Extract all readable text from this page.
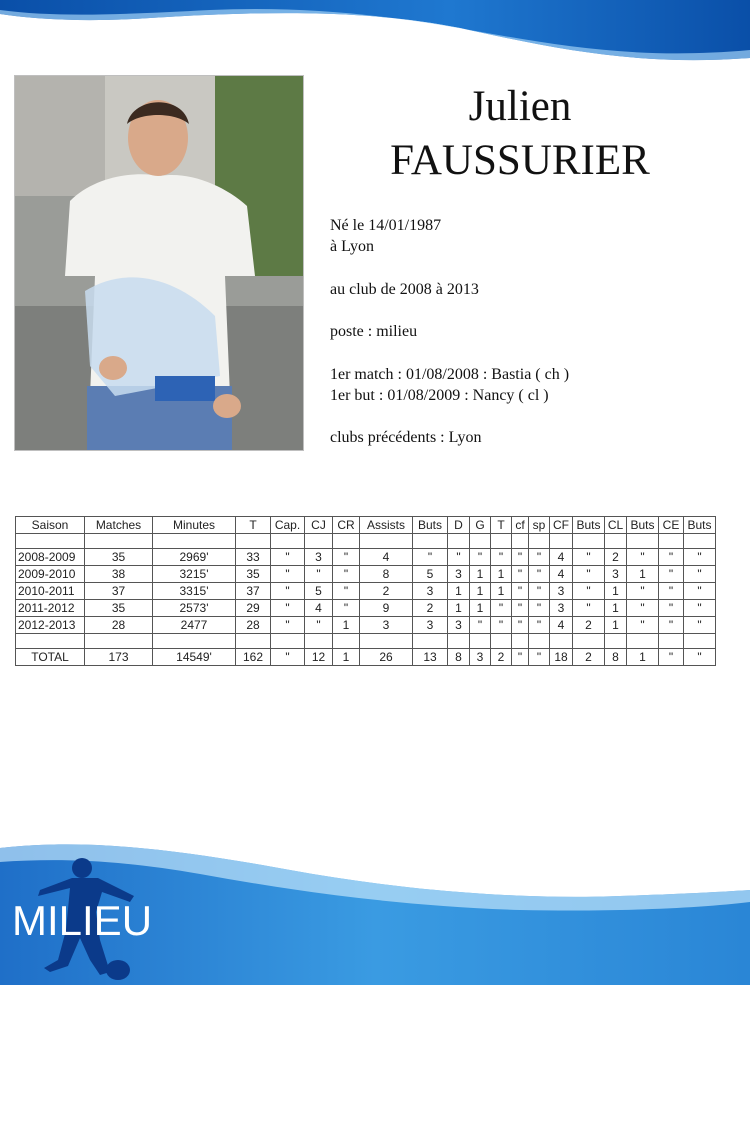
Julien
FAUSSURIER
Né le 14/01/1987
à Lyon
au club de 2008 à 2013
poste : milieu
1er match : 01/08/2008 : Bastia ( ch )
1er but : 01/08/2009 : Nancy ( cl )
clubs précédents : Lyon
Saison	Matches	Minutes	T	Cap.	CJ	CR	Assists	Buts	D	G	T	cf	sp	CF	Buts	CL	Buts	CE	Buts

2008-2009	35	2969'	33	"	3	"	4	"	"	"	"	"	"	4	"	2	"	"	"
2009-2010	38	3215'	35	"	"	"	8	5	3	1	1	"	"	4	"	3	1	"	"
2010-2011	37	3315'	37	"	5	"	2	3	1	1	1	"	"	3	"	1	"	"	"
2011-2012	35	2573'	29	"	4	"	9	2	1	1	"	"	"	3	"	1	"	"	"
2012-2013	28	2477	28	"	"	1	3	3	3	"	"	"	"	4	2	1	"	"	"

TOTAL	173	14549'	162	"	12	1	26	13	8	3	2	"	"	18	2	8	1	"	"
MILIEU
